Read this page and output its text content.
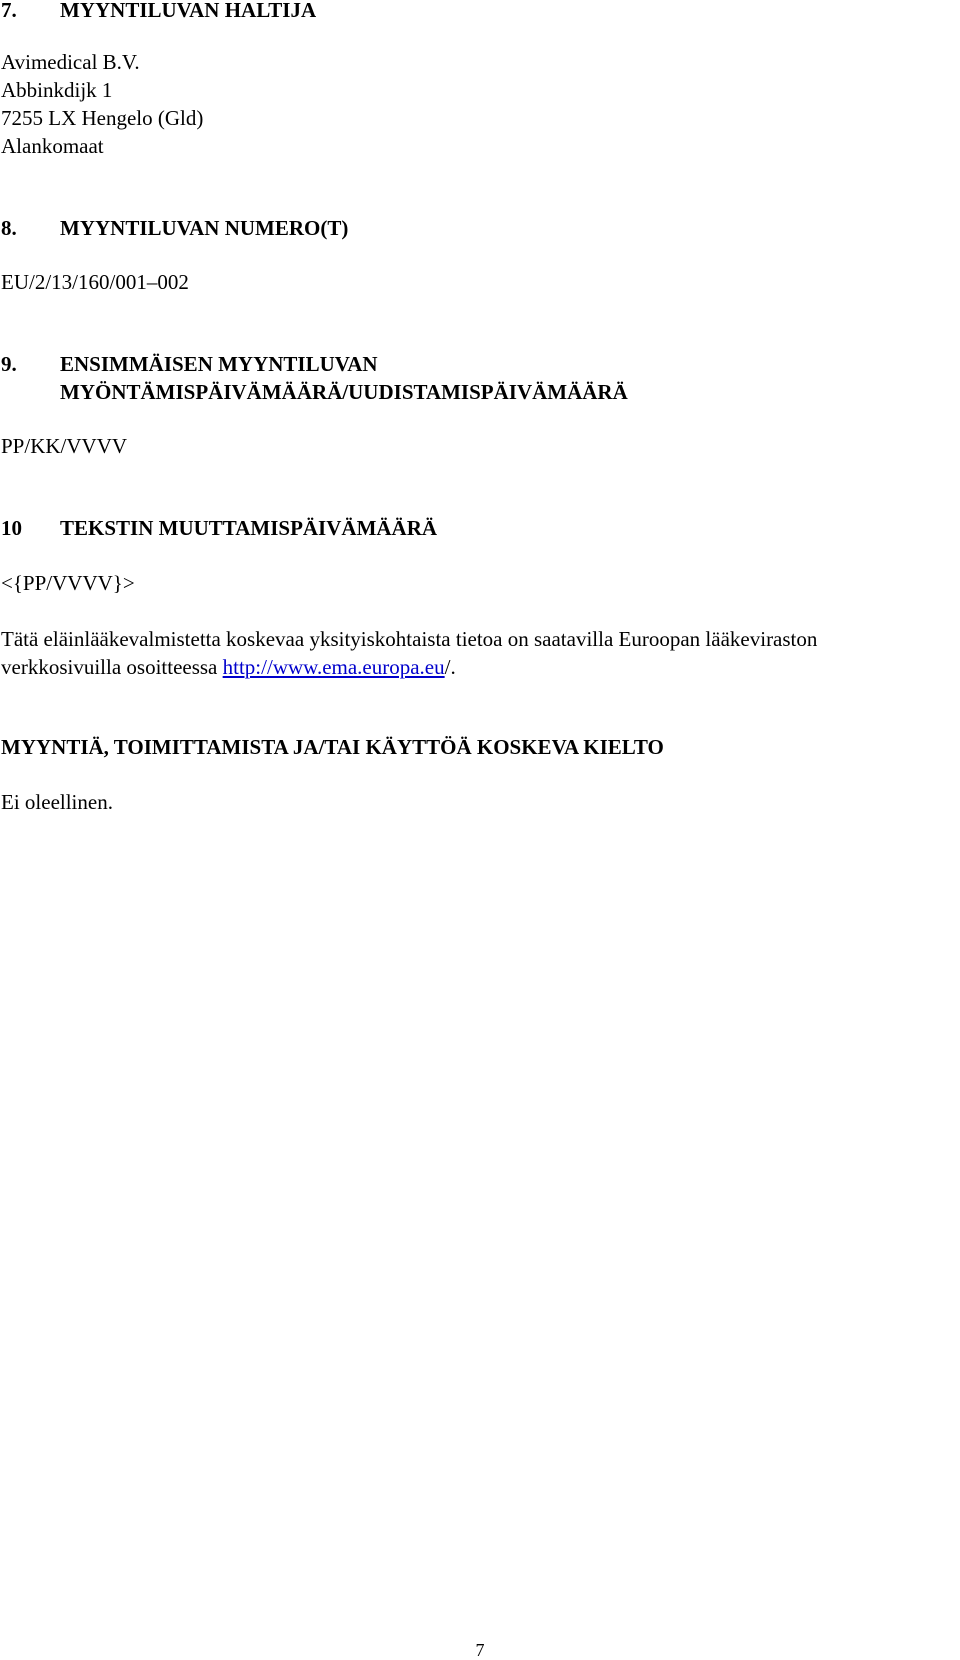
7. MYYNTILUVAN HALTIJA
Avimedical B.V.
Abbinkdijk 1
7255 LX Hengelo (Gld)
Alankomaat
8. MYYNTILUVAN NUMERO(T)
EU/2/13/160/001–002
9. ENSIMMÄISEN MYYNTILUVAN
MYÖNTÄMISPÄIVÄMÄÄRÄ/UUDISTAMISPÄIVÄMÄÄRÄ
PP/KK/VVVV
10 TEKSTIN MUUTTAMISPÄIVÄMÄÄRÄ
<{PP/VVVV}>
Tätä eläinlääkevalmistetta koskevaa yksityiskohtaista tietoa on saatavilla Euroopan lääkeviraston
verkkosivuilla osoitteessa http://www.ema.europa.eu/.
MYYNTIÄ, TOIMITTAMISTA JA/TAI KÄYTTÖÄ KOSKEVA KIELTO
Ei oleellinen.
7
